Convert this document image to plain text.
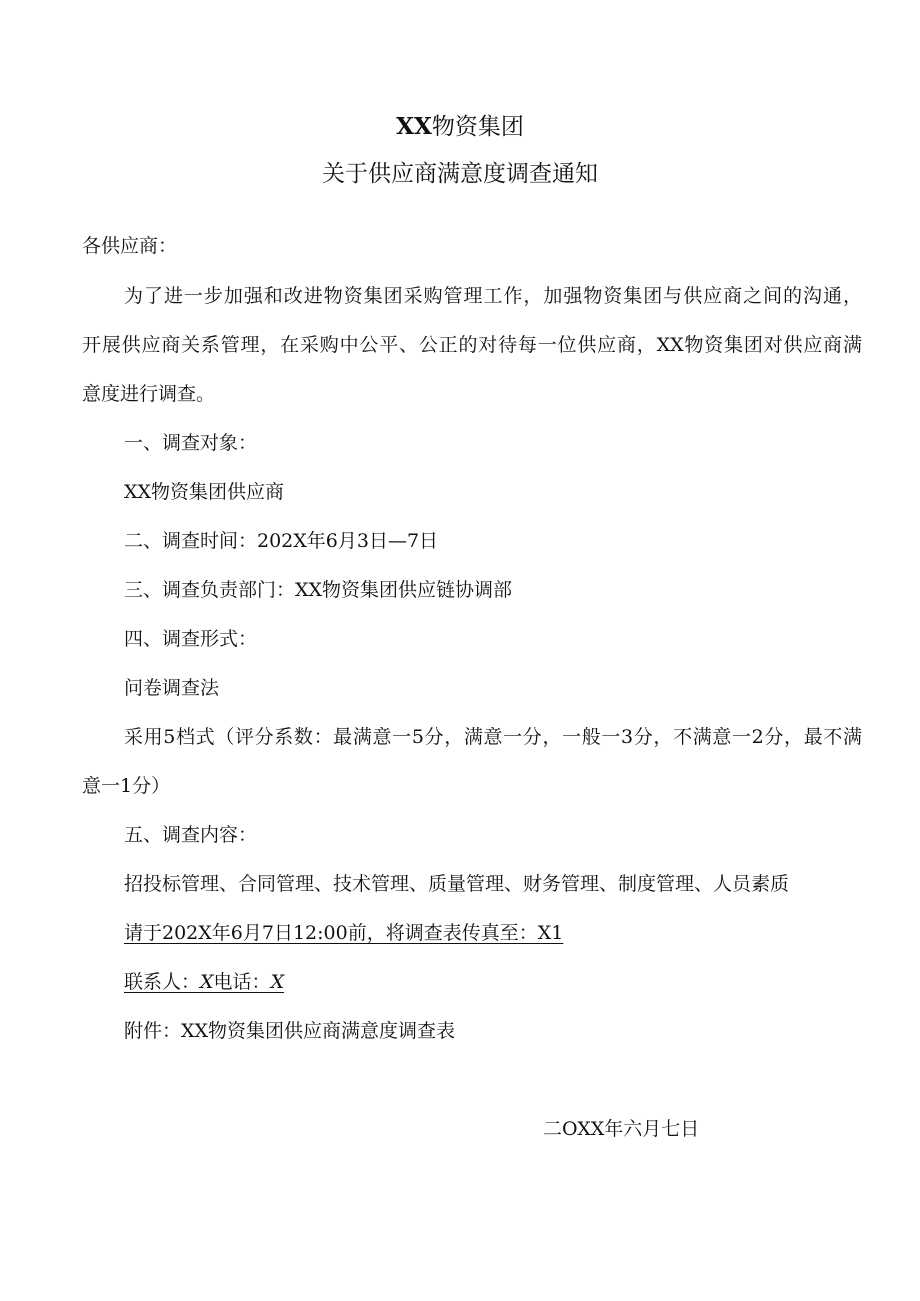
XX物资集团
关于供应商满意度调查通知
各供应商：
为了进一步加强和改进物资集团采购管理工作，加强物资集团与供应商之间的沟通，
开展供应商关系管理，在采购中公平、公正的对待每一位供应商，XX物资集团对供应商满
意度进行调查。
一、调查对象：
XX物资集团供应商
二、调查时间：202X年6月3日—7日
三、调查负责部门：XX物资集团供应链协调部
四、调查形式：
问卷调查法
采用5档式（评分系数：最满意一5分，满意一分，一般一3分，不满意一2分，最不满
意一1分）
五、调查内容：
招投标管理、合同管理、技术管理、质量管理、财务管理、制度管理、人员素质
请于202X年6月7日12:00前，将调查表传真至：X1
联系人：X电话：X
附件：XX物资集团供应商满意度调查表
二OXX年六月七日
